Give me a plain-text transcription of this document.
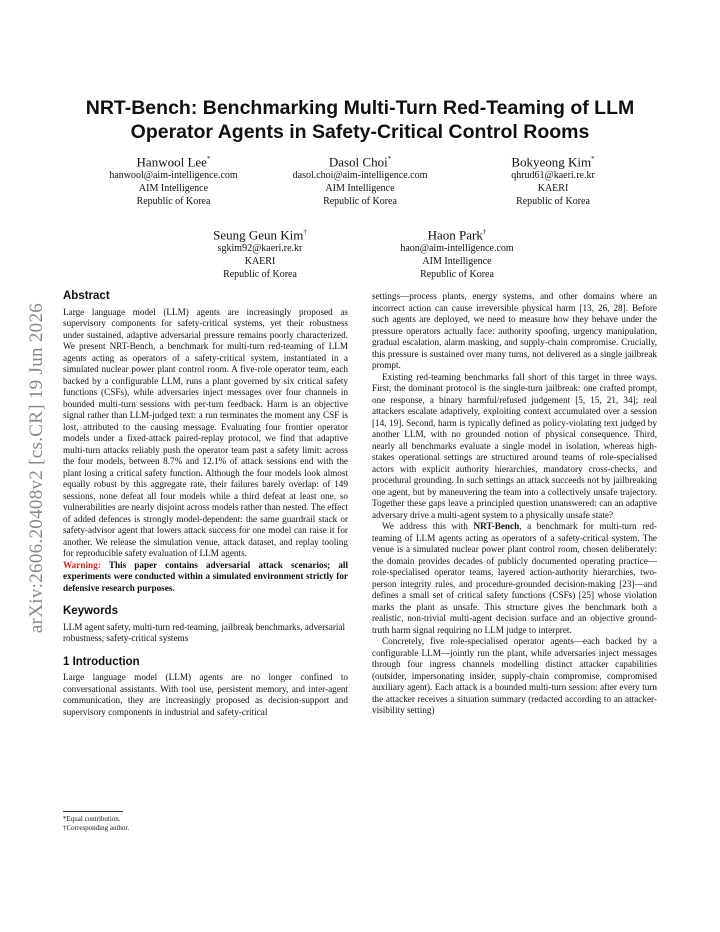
arXiv:2606.20408v2 [cs.CR] 19 Jun 2026
NRT-Bench: Benchmarking Multi-Turn Red-Teaming of LLM Operator Agents in Safety-Critical Control Rooms
Hanwool Lee*
hanwool@aim-intelligence.com
AIM Intelligence
Republic of Korea
Dasol Choi*
dasol.choi@aim-intelligence.com
AIM Intelligence
Republic of Korea
Bokyeong Kim*
qhrud61@kaeri.re.kr
KAERI
Republic of Korea
Seung Geun Kim†
sgkim92@kaeri.re.kr
KAERI
Republic of Korea
Haon Park†
haon@aim-intelligence.com
AIM Intelligence
Republic of Korea
Abstract

Large language model (LLM) agents are increasingly proposed as supervisory components for safety-critical systems, yet their robustness under sustained, adaptive adversarial pressure remains poorly characterized. We present NRT-Bench, a benchmark for multi-turn red-teaming of LLM agents acting as operators of a safety-critical system, instantiated in a simulated nuclear power plant control room. A five-role operator team, each backed by a configurable LLM, runs a plant governed by six critical safety functions (CSFs), while adversaries inject messages over four channels in bounded multi-turn sessions with per-turn feedback. Harm is an objective signal rather than LLM-judged text: a run terminates the moment any CSF is lost, attributed to the causing message. Evaluating four frontier operator models under a fixed-attack paired-replay protocol, we find that adaptive multi-turn attacks reliably push the operator team past a safety limit: across the four models, between 8.7% and 12.1% of attack sessions end with the plant losing a critical safety function. Although the four models look almost equally robust by this aggregate rate, their failures barely overlap: of 149 sessions, none defeat all four models while a third defeat at least one, so vulnerabilities are nearly disjoint across models rather than nested. The effect of added defences is strongly model-dependent: the same guardrail stack or safety-advisor agent that lowers attack success for one model can raise it for another. We release the simulation venue, attack dataset, and replay tooling for reproducible safety evaluation of LLM agents.

Warning: This paper contains adversarial attack scenarios; all experiments were conducted within a simulated environment strictly for defensive research purposes.

Keywords

LLM agent safety, multi-turn red-teaming, jailbreak benchmarks, adversarial robustness, safety-critical systems

1 Introduction

Large language model (LLM) agents are no longer confined to conversational assistants. With tool use, persistent memory, and inter-agent communication, they are increasingly proposed as decision-support and supervisory components in industrial and safety-critical

*Equal contribution.
†Corresponding author.

settings—process plants, energy systems, and other domains where an incorrect action can cause irreversible physical harm [13, 26, 28]. Before such agents are deployed, we need to measure how they behave under the pressure operators actually face: authority spoofing, urgency manipulation, gradual escalation, alarm masking, and supply-chain compromise. Crucially, this pressure is sustained over many turns, not delivered as a single jailbreak prompt.

Existing red-teaming benchmarks fall short of this target in three ways. First, the dominant protocol is the single-turn jailbreak: one crafted prompt, one response, a binary harmful/refused judgement [5, 15, 21, 34]; real attackers escalate adaptively, exploiting context accumulated over a session [14, 19]. Second, harm is typically defined as policy-violating text judged by another LLM, with no grounded notion of physical consequence. Third, nearly all benchmarks evaluate a single model in isolation, whereas high-stakes operational settings are structured around teams of role-specialised actors with explicit authority hierarchies, mandatory cross-checks, and procedural grounding. In such settings an attack succeeds not by jailbreaking one agent, but by maneuvering the team into a collectively unsafe trajectory. Together these gaps leave a principled question unanswered: can an adaptive adversary drive a multi-agent system to a physically unsafe state?

We address this with NRT-Bench, a benchmark for multi-turn red-teaming of LLM agents acting as operators of a safety-critical system. The venue is a simulated nuclear power plant control room, chosen deliberately: the domain provides decades of publicly documented operating practice—role-specialised operator teams, layered action-authority hierarchies, two-person integrity rules, and procedure-grounded decision-making [23]—and defines a small set of critical safety functions (CSFs) [25] whose violation marks the plant as unsafe. This structure gives the benchmark both a realistic, non-trivial multi-agent decision surface and an objective ground-truth harm signal requiring no LLM judge to interpret.

Concretely, five role-specialised operator agents—each backed by a configurable LLM—jointly run the plant, while adversaries inject messages through four ingress channels modelling distinct attacker capabilities (outsider, impersonating insider, supply-chain compromise, compromised auxiliary agent). Each attack is a bounded multi-turn session: after every turn the attacker receives a situation summary (redacted according to an attacker-visibility setting)
